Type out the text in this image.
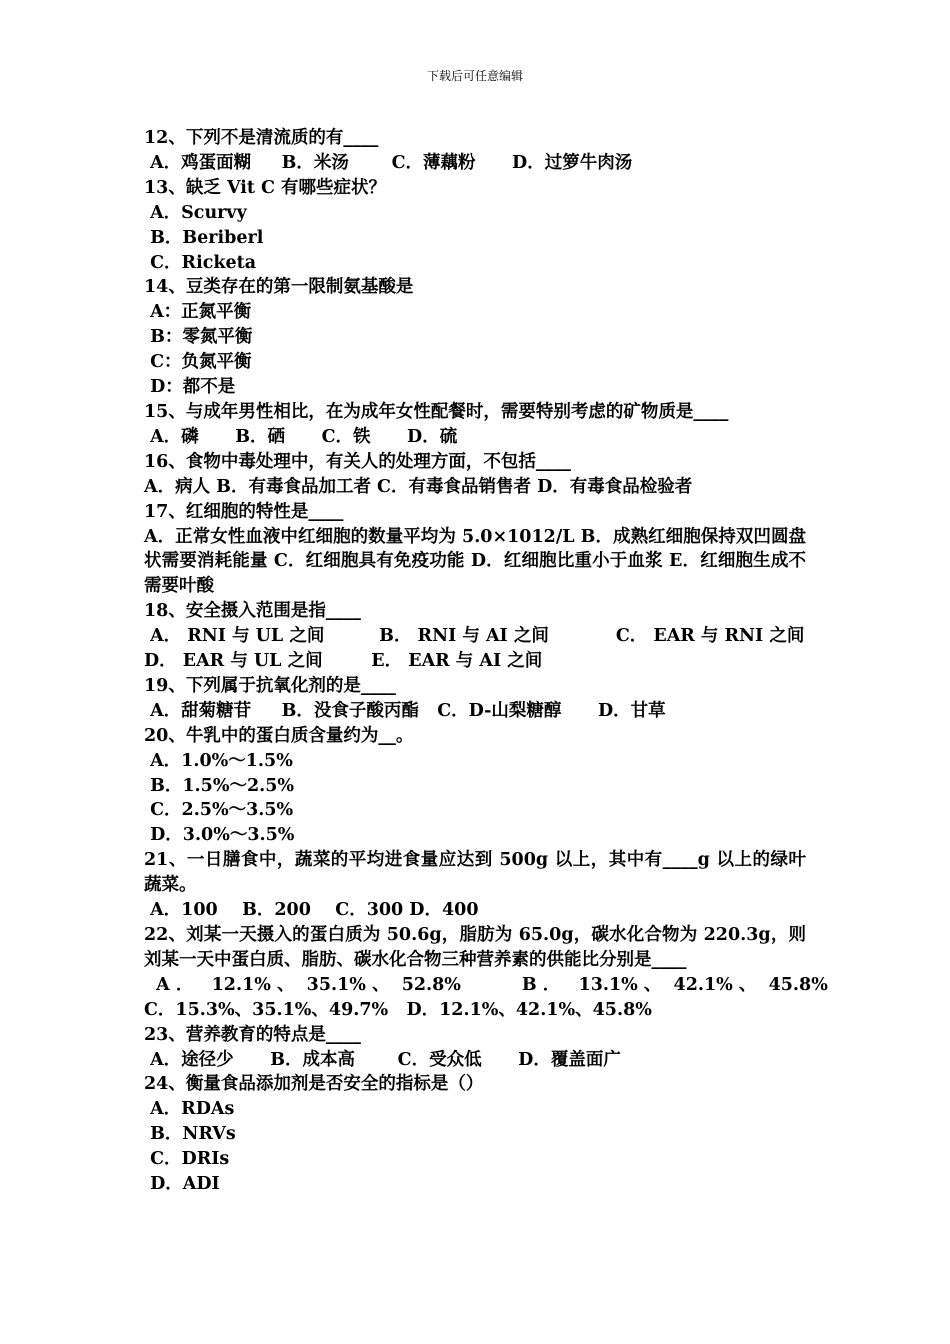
下载后可任意编辑
12、下列不是清流质的有____
A．鸡蛋面糊     B．米汤       C．薄藕粉      D．过箩牛肉汤
13、缺乏 Vit C 有哪些症状？
A．Scurvy
B．Beriberl
C．Ricketa
14、豆类存在的第一限制氨基酸是
A：正氮平衡
B：零氮平衡
C：负氮平衡
D：都不是
15、与成年男性相比，在为成年女性配餐时，需要特别考虑的矿物质是____
A．磷      B．硒      C．铁      D．硫
16、食物中毒处理中，有关人的处理方面，不包括____
A．病人 B．有毒食品加工者 C．有毒食品销售者 D．有毒食品检验者
17、红细胞的特性是____
A．正常女性血液中红细胞的数量平均为 5.0×1012/L B．成熟红细胞保持双凹圆盘状需要消耗能量 C．红细胞具有免疫功能 D．红细胞比重小于血浆 E．红细胞生成不需要叶酸
18、安全摄入范围是指____
A． RNI 与 UL 之间         B． RNI 与 AI 之间           C． EAR 与 RNI 之间
D． EAR 与 UL 之间        E． EAR 与 AI 之间
19、下列属于抗氧化剂的是____
A．甜菊糖苷     B．没食子酸丙酯   C．D-山梨糖醇      D．甘草
20、牛乳中的蛋白质含量约为__。
A．1.0%～1.5%
B．1.5%～2.5%
C．2.5%～3.5%
D．3.0%～3.5%
21、一日膳食中，蔬菜的平均进食量应达到 500g 以上，其中有____g 以上的绿叶蔬菜。
A．100    B．200    C．300 D．400
22、刘某一天摄入的蛋白质为 50.6g，脂肪为 65.0g，碳水化合物为 220.3g，则刘某一天中蛋白质、脂肪、碳水化合物三种营养素的供能比分别是____
A ．   12.1% 、  35.1% 、  52.8%          B ．   13.1% 、  42.1% 、  45.8%
C．15.3%、35.1%、49.7%   D．12.1%、42.1%、45.8%
23、营养教育的特点是____
A．途径少      B．成本高       C．受众低      D．覆盖面广
24、衡量食品添加剂是否安全的指标是（）
A．RDAs
B．NRVs
C．DRIs
D．ADI
